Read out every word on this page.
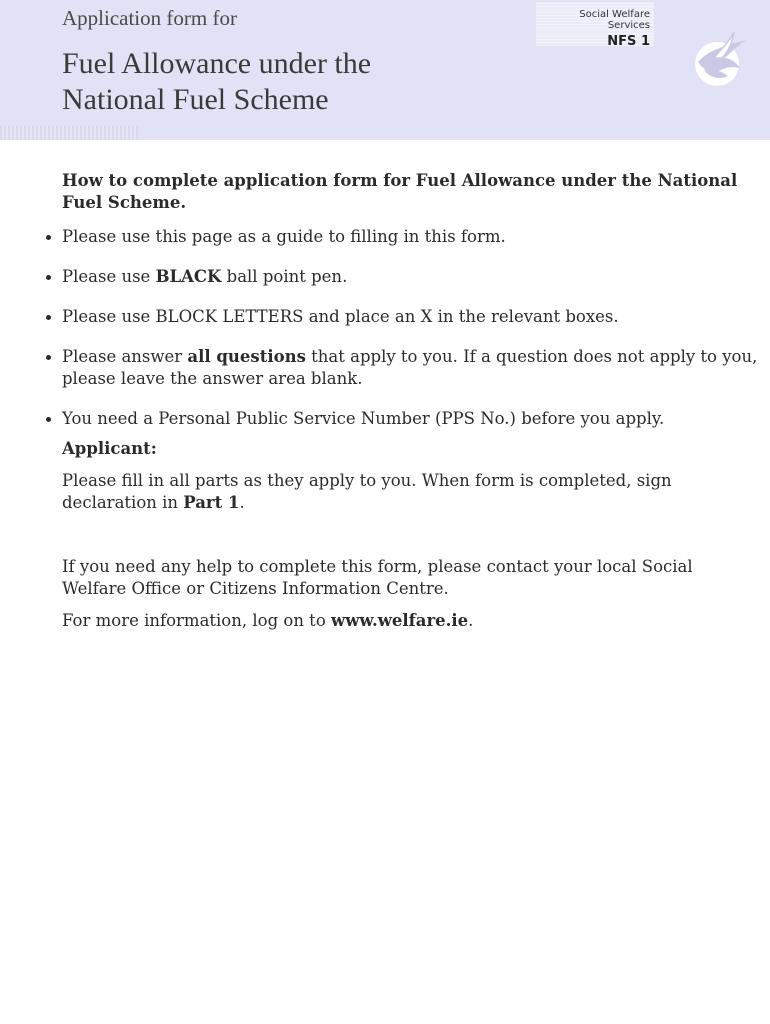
Application form for
Fuel Allowance under the
National Fuel Scheme
Social Welfare Services
NFS 1

How to complete application form for Fuel Allowance under the National Fuel Scheme.

Please use this page as a guide to filling in this form.
Please use BLACK ball point pen.
Please use BLOCK LETTERS and place an X in the relevant boxes.
Please answer all questions that apply to you. If a question does not apply to you, please leave the answer area blank.
You need a Personal Public Service Number (PPS No.) before you apply.

Applicant:

Please fill in all parts as they apply to you. When form is completed, sign declaration in Part 1.

If you need any help to complete this form, please contact your local Social Welfare Office or Citizens Information Centre.

For more information, log on to www.welfare.ie.
